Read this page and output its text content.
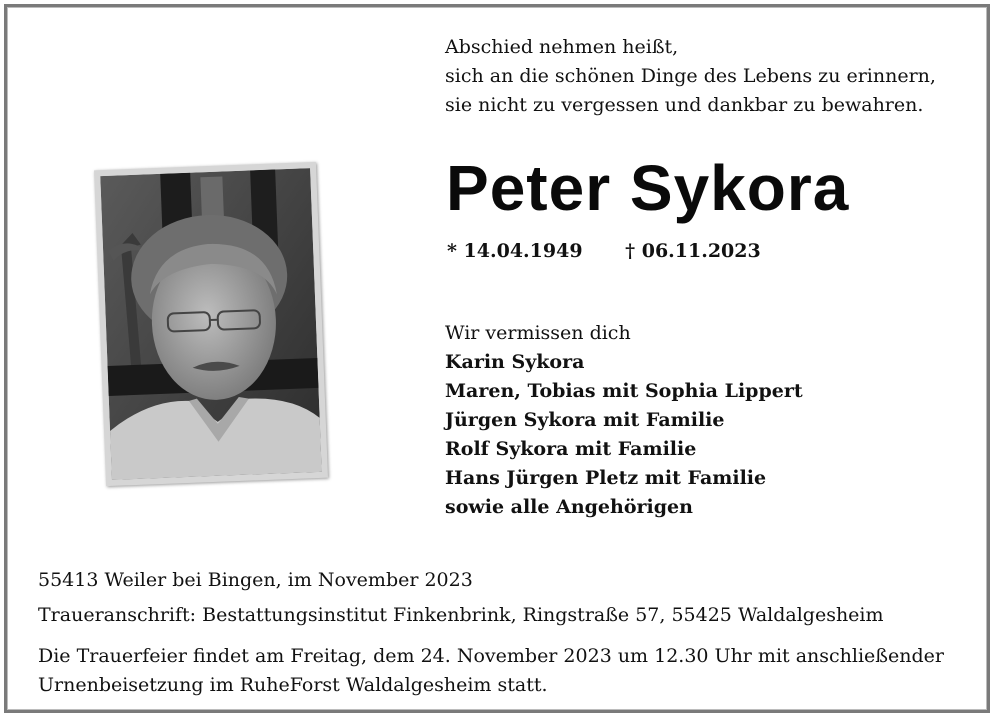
Abschied nehmen heißt,
sich an die schönen Dinge des Lebens zu erinnern,
sie nicht zu vergessen und dankbar zu bewahren.
Peter Sykora
* 14.04.1949 † 06.11.2023
Wir vermissen dich
Karin Sykora
Maren, Tobias mit Sophia Lippert
Jürgen Sykora mit Familie
Rolf Sykora mit Familie
Hans Jürgen Pletz mit Familie
sowie alle Angehörigen
55413 Weiler bei Bingen, im November 2023
Traueranschrift: Bestattungsinstitut Finkenbrink, Ringstraße 57, 55425 Waldalgesheim
Die Trauerfeier findet am Freitag, dem 24. November 2023 um 12.30 Uhr mit anschließender
Urnenbeisetzung im RuheForst Waldalgesheim statt.
